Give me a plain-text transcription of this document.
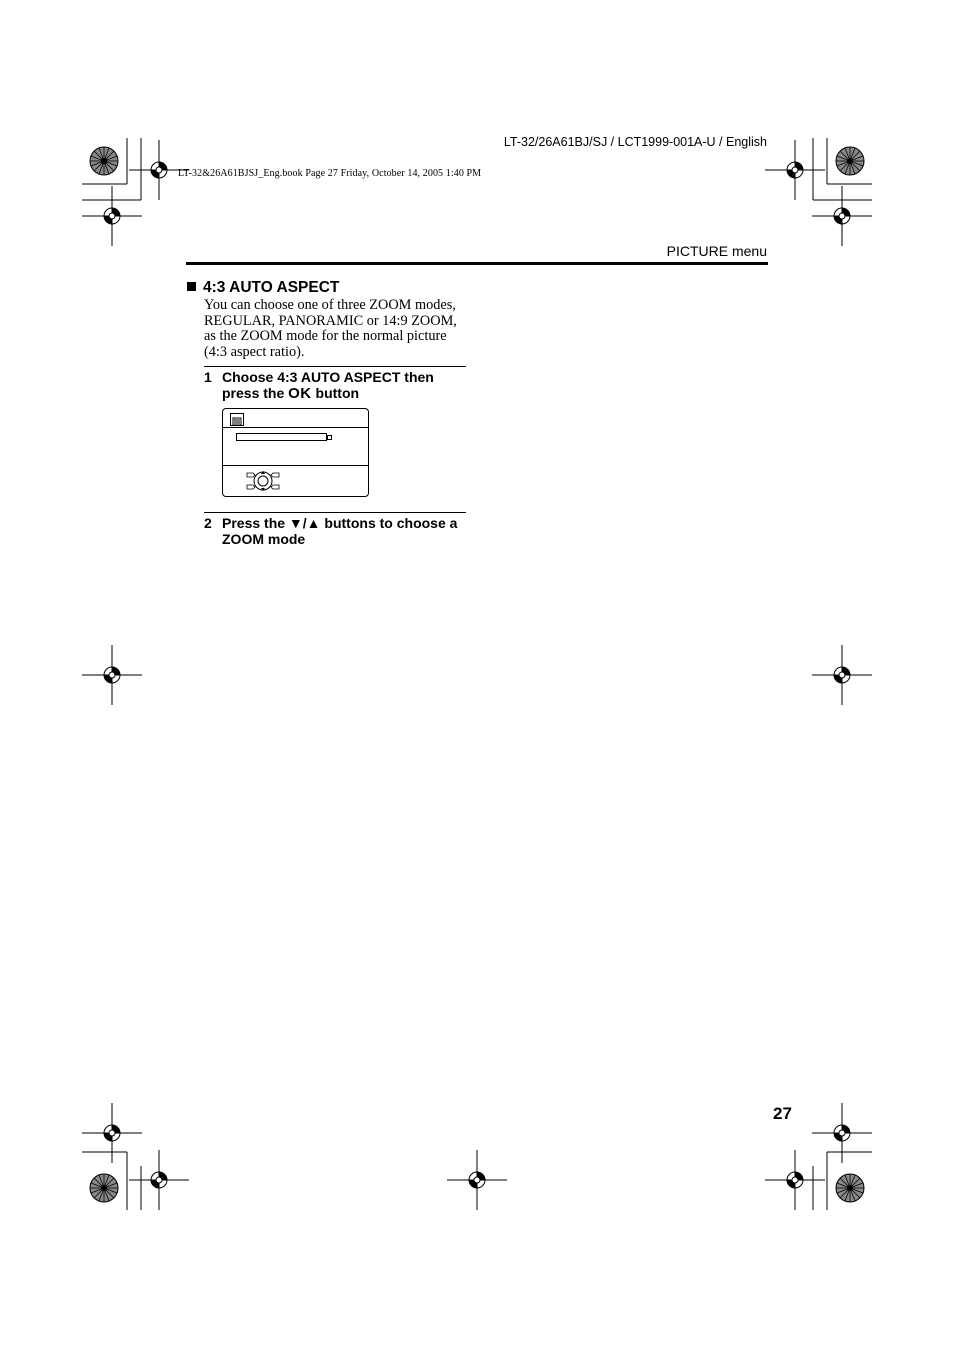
LT-32/26A61BJ/SJ / LCT1999-001A-U / English
LT-32&26A61BJSJ_Eng.book Page 27 Friday, October 14, 2005 1:40 PM
PICTURE menu
4:3 AUTO ASPECT
You can choose one of three ZOOM modes,
REGULAR, PANORAMIC or 14:9 ZOOM,
as the ZOOM mode for the normal picture
(4:3 aspect ratio).
1 Choose 4:3 AUTO ASPECT then
press the OK button
2 Press the ▼/▲ buttons to choose a
ZOOM mode
27
